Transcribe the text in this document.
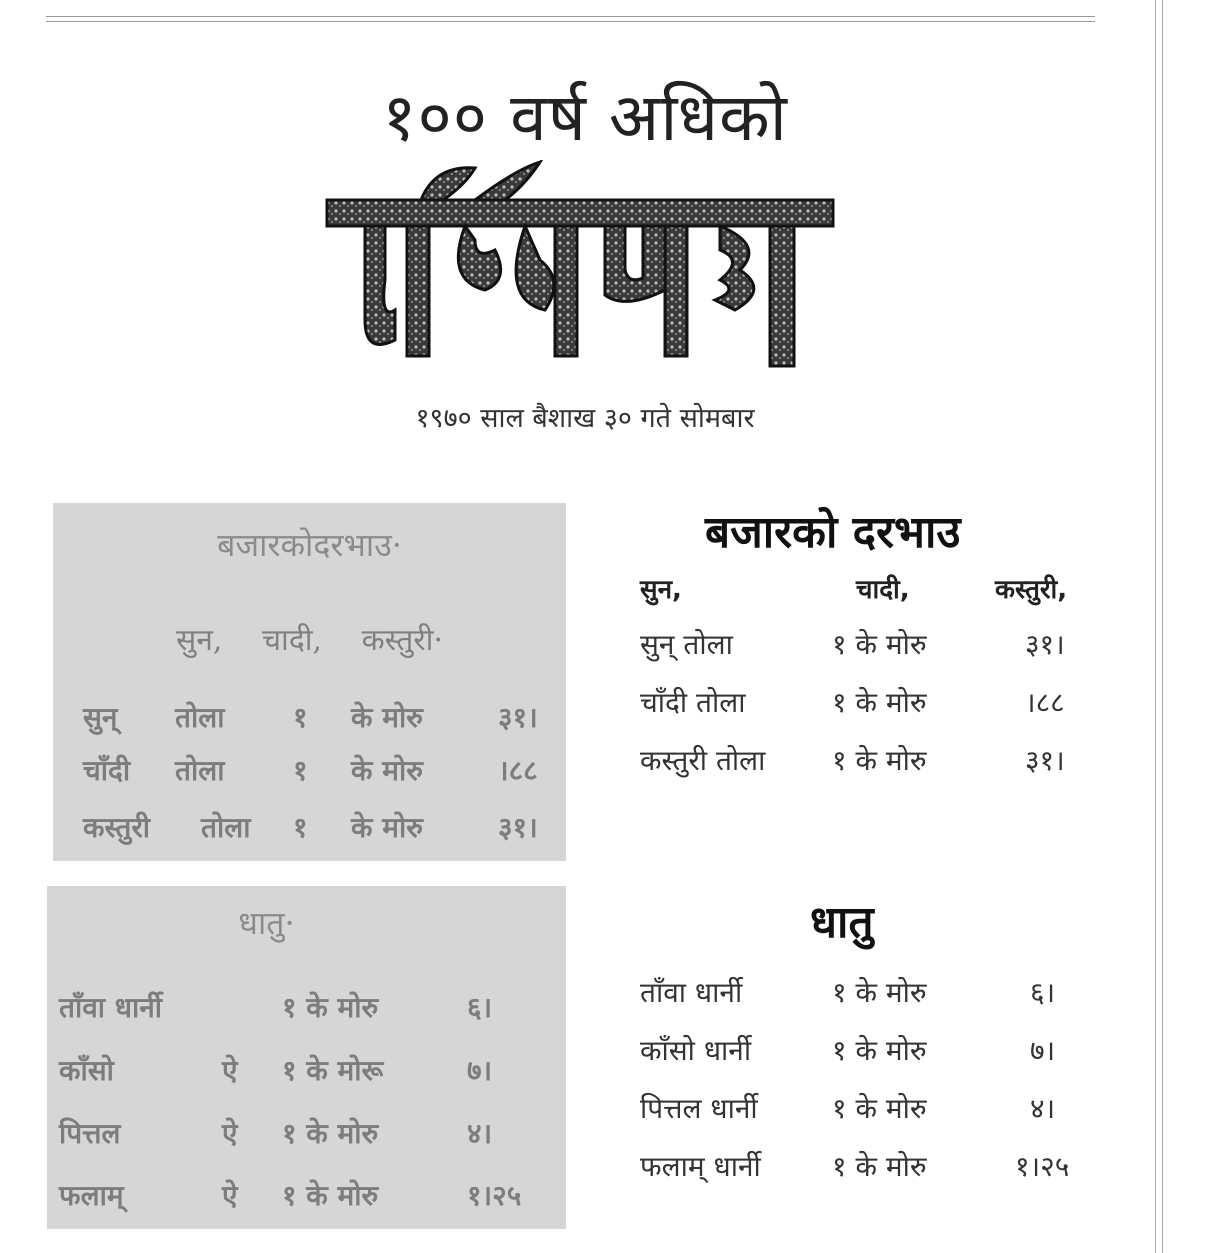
१०० वर्ष अधिको
१९७० साल बैशाख ३० गते सोमबार
बजारकोदरभाउ·
सुन, चादी, कस्तुरी·
सुन् तोला १ के मोरु	३१।
चाँदी तोला १ के मोरु	।८८
कस्तुरी तोला १ के मोरु	३१।
धातु·
ताँवा धार्नी	१ के मोरु	६।
काँसो	ऐ १ के मोरू	७।
पित्तल	ऐ १ के मोरु	४।
फलाम्	ऐ १ के मोरु	१।२५
बजारको दरभाउ
सुन,	चादी,	कस्तुरी,
सुन् तोला	१ के मोरु	३१।
चाँदी तोला	१ के मोरु	।८८
कस्तुरी तोला १ के मोरु	३१।
धातु
ताँवा धार्नी	१ के मोरु	६।
काँसो धार्नी	१ के मोरु	७।
पित्तल धार्नी	१ के मोरु	४।
फलाम् धार्नी	१ के मोरु	१।२५
